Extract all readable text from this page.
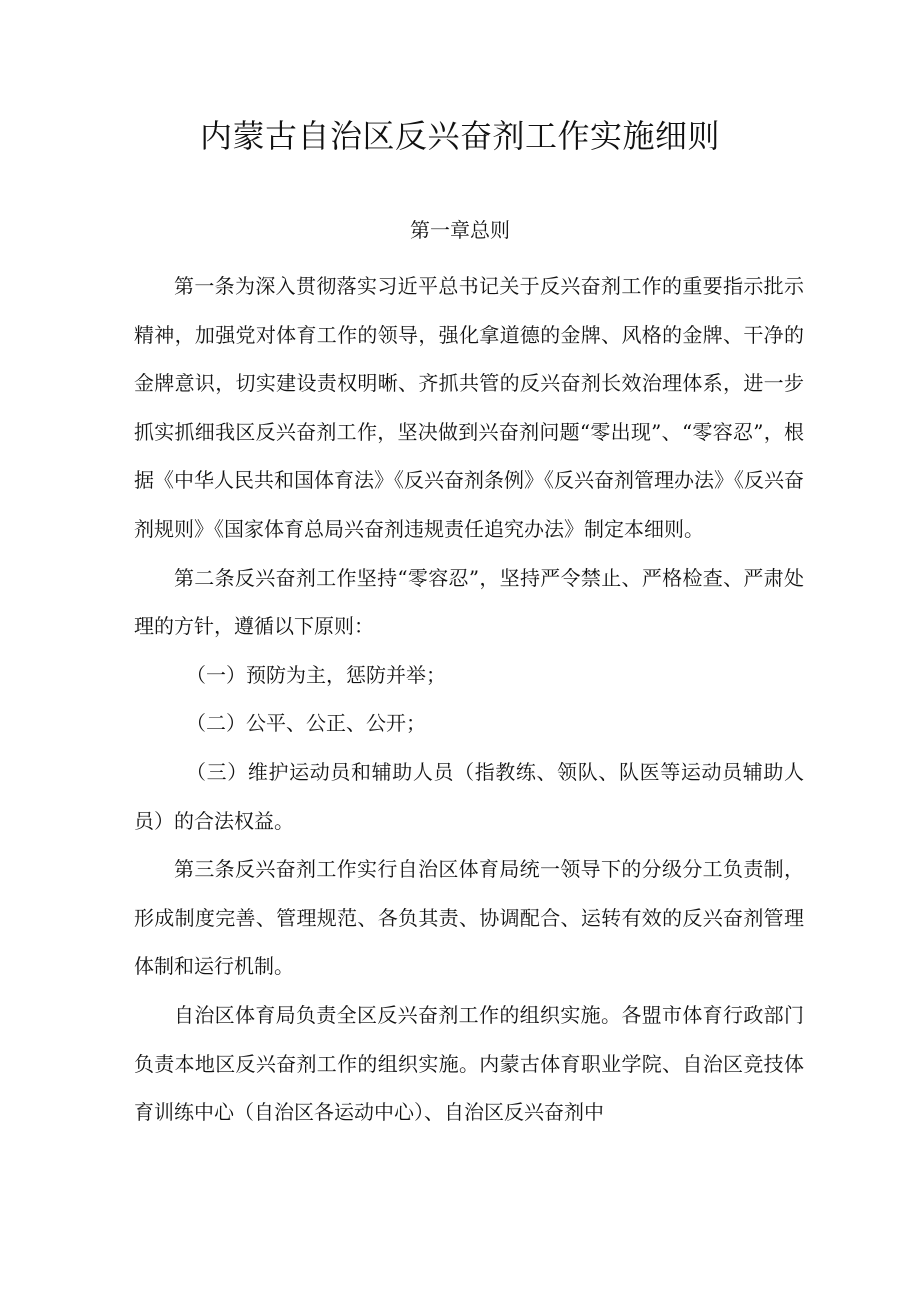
内蒙古自治区反兴奋剂工作实施细则
第一章总则

第一条为深入贯彻落实习近平总书记关于反兴奋剂工作的重要指示批示精神，加强党对体育工作的领导，强化拿道德的金牌、风格的金牌、干净的金牌意识，切实建设责权明晰、齐抓共管的反兴奋剂长效治理体系，进一步抓实抓细我区反兴奋剂工作，坚决做到兴奋剂问题“零出现”、“零容忍”，根据《中华人民共和国体育法》《反兴奋剂条例》《反兴奋剂管理办法》《反兴奋剂规则》《国家体育总局兴奋剂违规责任追究办法》制定本细则。

第二条反兴奋剂工作坚持“零容忍”，坚持严令禁止、严格检查、严肃处理的方针，遵循以下原则：

（一）预防为主，惩防并举；

（二）公平、公正、公开；

（三）维护运动员和辅助人员（指教练、领队、队医等运动员辅助人员）的合法权益。

第三条反兴奋剂工作实行自治区体育局统一领导下的分级分工负责制，形成制度完善、管理规范、各负其责、协调配合、运转有效的反兴奋剂管理体制和运行机制。

自治区体育局负责全区反兴奋剂工作的组织实施。各盟市体育行政部门负责本地区反兴奋剂工作的组织实施。内蒙古体育职业学院、自治区竞技体育训练中心（自治区各运动中心）、自治区反兴奋剂中
